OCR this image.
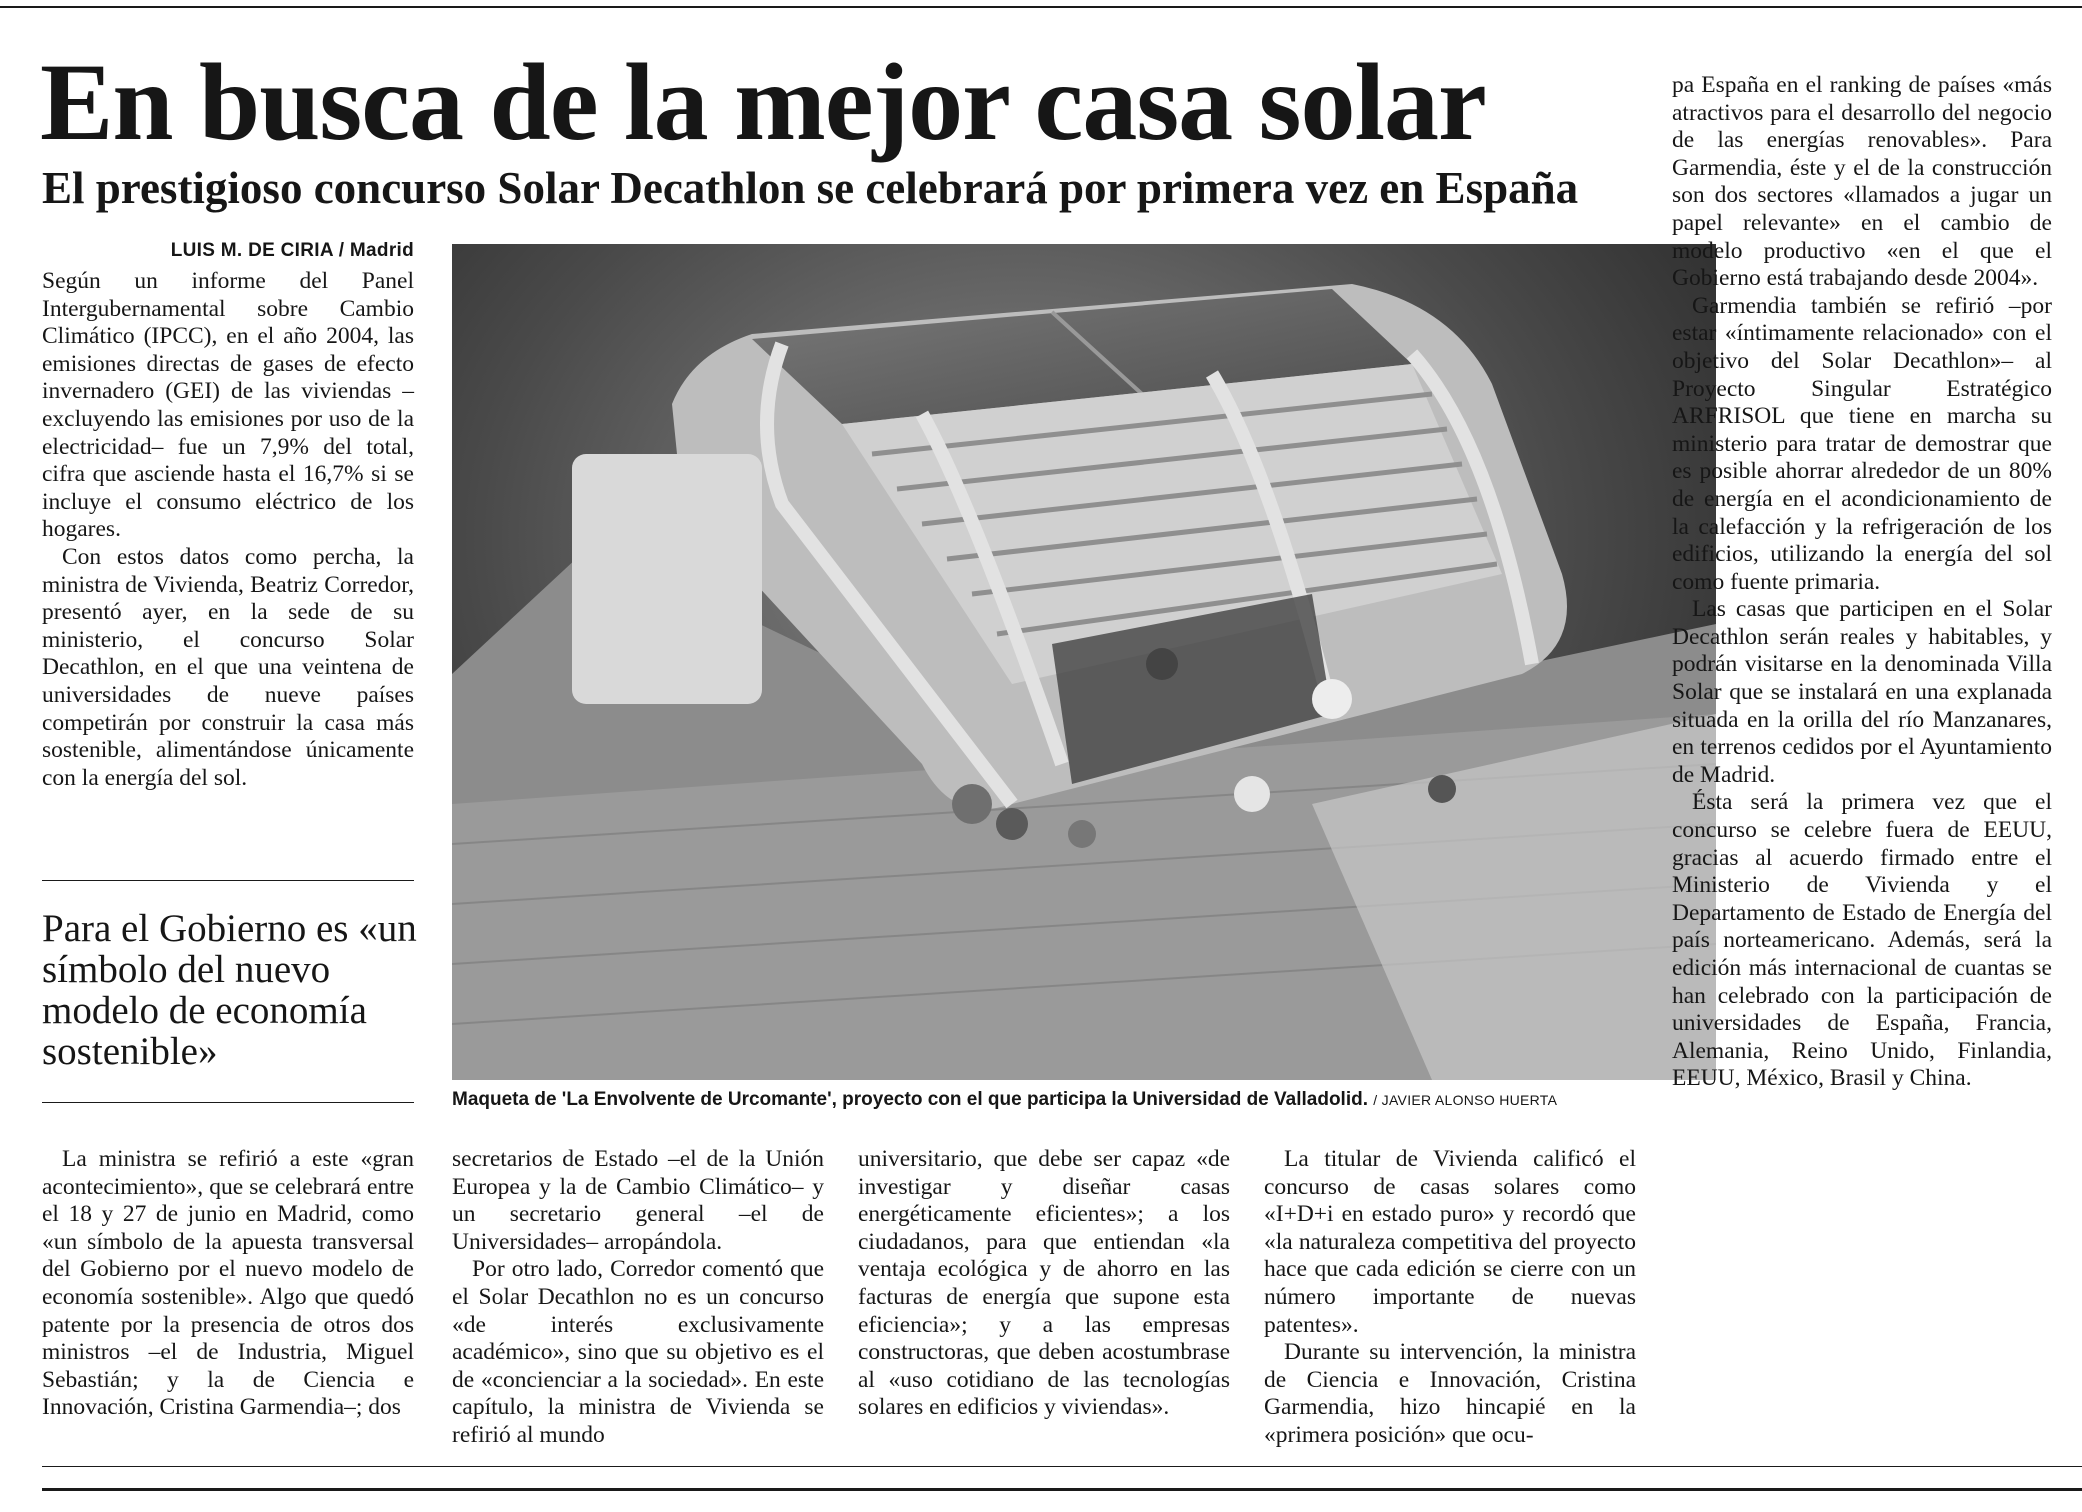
En busca de la mejor casa solar
El prestigioso concurso Solar Decathlon se celebrará por primera vez en España
LUIS M. DE CIRIA / Madrid

Según un informe del Panel Intergubernamental sobre Cambio Climático (IPCC), en el año 2004, las emisiones directas de gases de efecto invernadero (GEI) de las viviendas –excluyendo las emisiones por uso de la electricidad– fue un 7,9% del total, cifra que asciende hasta el 16,7% si se incluye el consumo eléctrico de los hogares.

Con estos datos como percha, la ministra de Vivienda, Beatriz Corredor, presentó ayer, en la sede de su ministerio, el concurso Solar Decathlon, en el que una veintena de universidades de nueve países competirán por construir la casa más sostenible, alimentándose únicamente con la energía del sol.

Para el Gobierno es «un símbolo del nuevo modelo de economía sostenible»
Maqueta de 'La Envolvente de Urcomante', proyecto con el que participa la Universidad de Valladolid. / JAVIER ALONSO HUERTA

La ministra se refirió a este «gran acontecimiento», que se celebrará entre el 18 y 27 de junio en Madrid, como «un símbolo de la apuesta transversal del Gobierno por el nuevo modelo de economía sostenible». Algo que quedó patente por la presencia de otros dos ministros –el de Industria, Miguel Sebastián; y la de Ciencia e Innovación, Cristina Garmendia–; dos

secretarios de Estado –el de la Unión Europea y la de Cambio Climático– y un secretario general –el de Universidades– arropándola.

Por otro lado, Corredor comentó que el Solar Decathlon no es un concurso «de interés exclusivamente académico», sino que su objetivo es el de «concienciar a la sociedad». En este capítulo, la ministra de Vivienda se refirió al mundo

universitario, que debe ser capaz «de investigar y diseñar casas energéticamente eficientes»; a los ciudadanos, para que entiendan «la ventaja ecológica y de ahorro en las facturas de energía que supone esta eficiencia»; y a las empresas constructoras, que deben acostumbrase al «uso cotidiano de las tecnologías solares en edificios y viviendas».

La titular de Vivienda calificó el concurso de casas solares como «I+D+i en estado puro» y recordó que «la naturaleza competitiva del proyecto hace que cada edición se cierre con un número importante de nuevas patentes».

Durante su intervención, la ministra de Ciencia e Innovación, Cristina Garmendia, hizo hincapié en la «primera posición» que ocu-

pa España en el ranking de países «más atractivos para el desarrollo del negocio de las energías renovables». Para Garmendia, éste y el de la construcción son dos sectores «llamados a jugar un papel relevante» en el cambio de modelo productivo «en el que el Gobierno está trabajando desde 2004».

Garmendia también se refirió –por estar «íntimamente relacionado» con el objetivo del Solar Decathlon»– al Proyecto Singular Estratégico ARFRISOL que tiene en marcha su ministerio para tratar de demostrar que es posible ahorrar alrededor de un 80% de energía en el acondicionamiento de la calefacción y la refrigeración de los edificios, utilizando la energía del sol como fuente primaria.

Las casas que participen en el Solar Decathlon serán reales y habitables, y podrán visitarse en la denominada Villa Solar que se instalará en una explanada situada en la orilla del río Manzanares, en terrenos cedidos por el Ayuntamiento de Madrid.

Ésta será la primera vez que el concurso se celebre fuera de EEUU, gracias al acuerdo firmado entre el Ministerio de Vivienda y el Departamento de Estado de Energía del país norteamericano. Además, será la edición más internacional de cuantas se han celebrado con la participación de universidades de España, Francia, Alemania, Reino Unido, Finlandia, EEUU, México, Brasil y China.
